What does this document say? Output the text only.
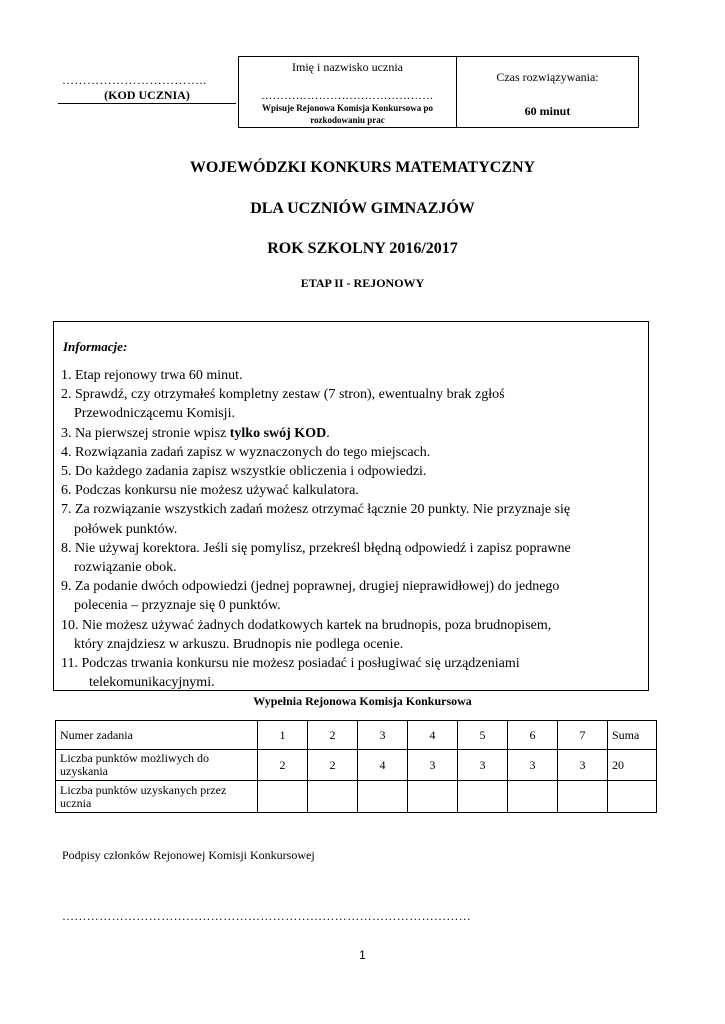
……………………………..
(KOD UCZNIA)
Imię i nazwisko ucznia
………………………………………
Wpisuje Rejonowa Komisja Konkursowa po rozkodowaniu prac
Czas rozwiązywania:
60 minut
WOJEWÓDZKI KONKURS MATEMATYCZNY
DLA UCZNIÓW GIMNAZJÓW
ROK SZKOLNY 2016/2017
ETAP II - REJONOWY
Informacje:

1. Etap rejonowy trwa 60 minut.

2. Sprawdź, czy otrzymałeś kompletny zestaw (7 stron), ewentualny brak zgłoś

Przewodniczącemu Komisji.

3. Na pierwszej stronie wpisz tylko swój KOD.

4. Rozwiązania zadań zapisz w wyznaczonych do tego miejscach.

5. Do każdego zadania zapisz wszystkie obliczenia i odpowiedzi.

6. Podczas konkursu nie możesz używać kalkulatora.

7. Za rozwiązanie wszystkich zadań możesz otrzymać łącznie 20 punkty. Nie przyznaje się

połówek punktów.

8. Nie używaj korektora. Jeśli się pomylisz, przekreśl błędną odpowiedź i zapisz poprawne

rozwiązanie obok.

9. Za podanie dwóch odpowiedzi (jednej poprawnej, drugiej nieprawidłowej) do jednego

polecenia – przyznaje się 0 punktów.

10. Nie możesz używać żadnych dodatkowych kartek na brudnopis, poza brudnopisem,

który znajdziesz w arkuszu. Brudnopis nie podlega ocenie.

11. Podczas trwania konkursu nie możesz posiadać i posługiwać się urządzeniami

telekomunikacyjnymi.

Wypełnia Rejonowa Komisja Konkursowa
Numer zadania	1	2	3	4	5	6	7	Suma
Liczba punktów możliwych do uzyskania	2	2	4	3	3	3	3	20
Liczba punktów uzyskanych przez ucznia								
Podpisy członków Rejonowej Komisji Konkursowej
………………………………………………………………………………………
1
